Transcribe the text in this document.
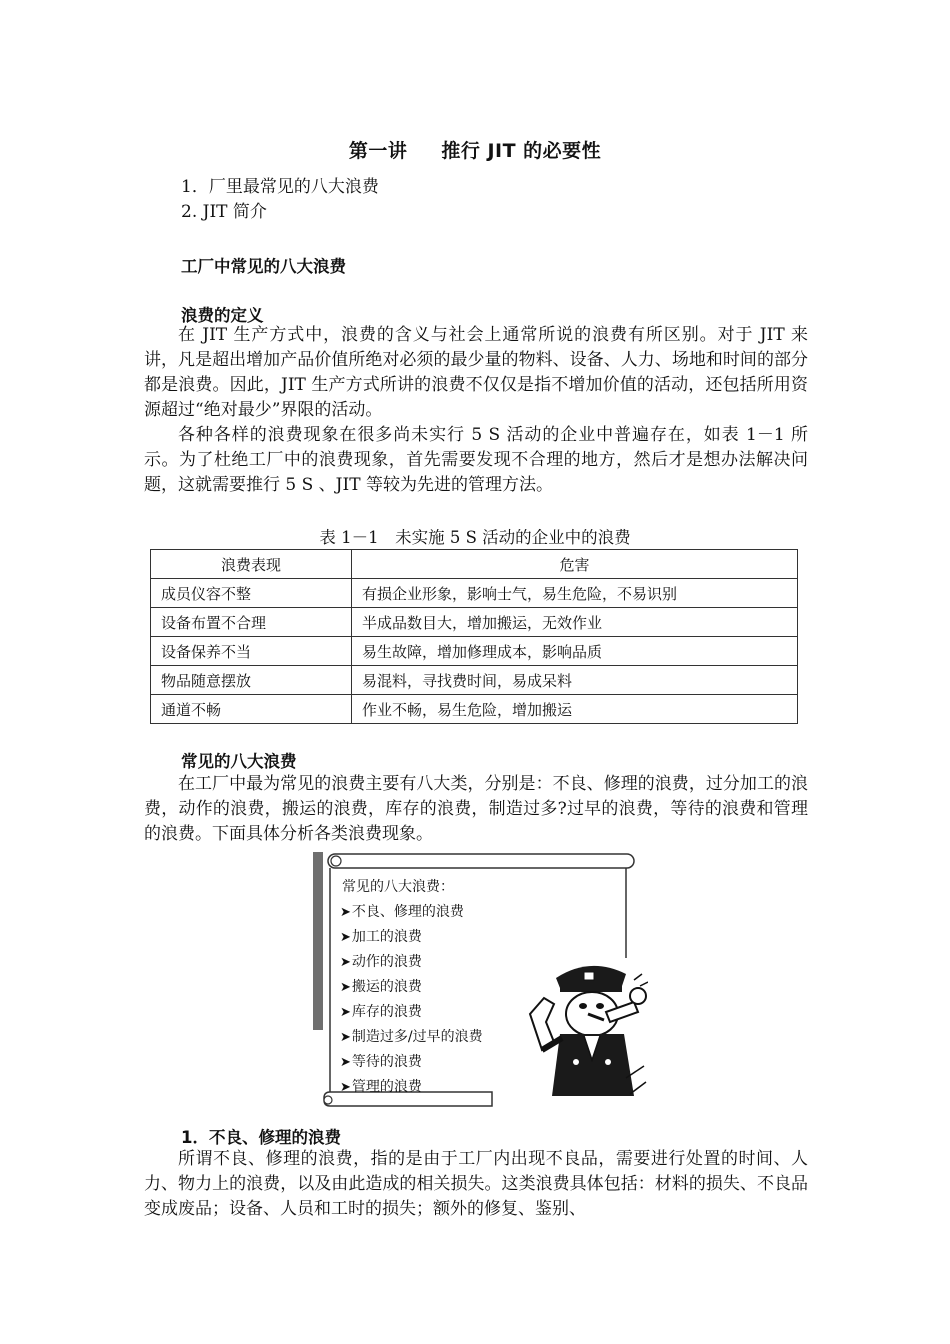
第一讲 推行 JIT 的必要性
1．厂里最常见的八大浪费
2. JIT 简介
工厂中常见的八大浪费
浪费的定义

在 JIT 生产方式中，浪费的含义与社会上通常所说的浪费有所区别。对于 JIT 来讲，凡是超出增加产品价值所绝对必须的最少量的物料、设备、人力、场地和时间的部分都是浪费。因此，JIT 生产方式所讲的浪费不仅仅是指不增加价值的活动，还包括所用资源超过“绝对最少”界限的活动。

各种各样的浪费现象在很多尚未实行 5 S 活动的企业中普遍存在，如表 1－1 所示。为了杜绝工厂中的浪费现象，首先需要发现不合理的地方，然后才是想办法解决问题，这就需要推行 5 S 、JIT 等较为先进的管理方法。

表 1－1　未实施 5 S 活动的企业中的浪费
浪费表现	危害
成员仪容不整	有损企业形象，影响士气，易生危险，不易识别
设备布置不合理	半成品数目大，增加搬运，无效作业
设备保养不当	易生故障，增加修理成本，影响品质
物品随意摆放	易混料，寻找费时间，易成呆料
通道不畅	作业不畅，易生危险，增加搬运
常见的八大浪费

在工厂中最为常见的浪费主要有八大类，分别是：不良、修理的浪费，过分加工的浪费，动作的浪费，搬运的浪费，库存的浪费，制造过多?过早的浪费，等待的浪费和管理的浪费。下面具体分析各类浪费现象。

常见的八大浪费：
➤不良、修理的浪费
➤加工的浪费
➤动作的浪费
➤搬运的浪费
➤库存的浪费
➤制造过多/过早的浪费
➤等待的浪费
➤管理的浪费
1．不良、修理的浪费

所谓不良、修理的浪费，指的是由于工厂内出现不良品，需要进行处置的时间、人力、物力上的浪费，以及由此造成的相关损失。这类浪费具体包括：材料的损失、不良品变成废品；设备、人员和工时的损失；额外的修复、鉴别、
